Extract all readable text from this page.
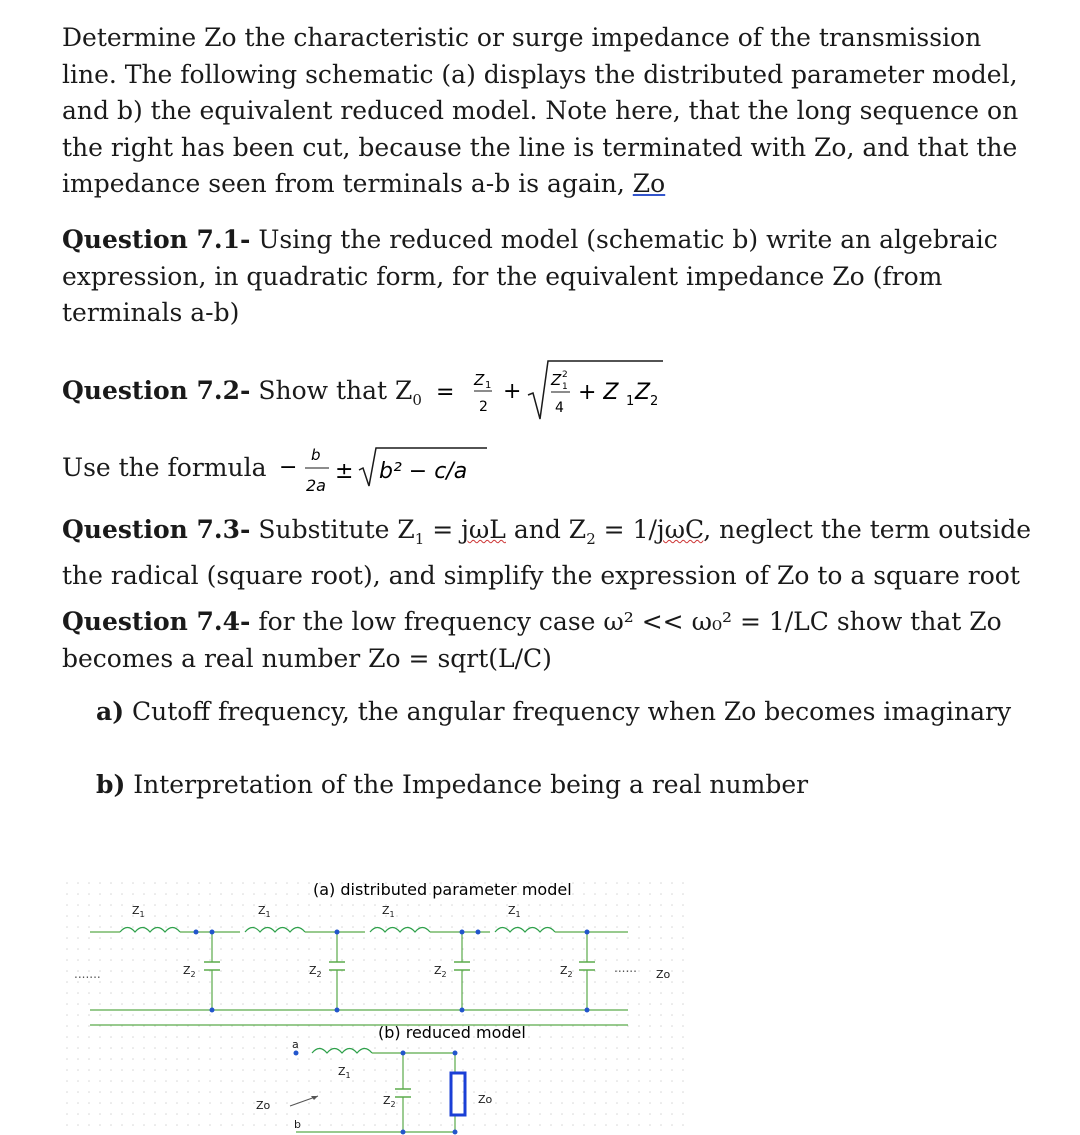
Determine Zo the characteristic or surge impedance of the transmission
line. The following schematic (a) displays the distributed parameter model,
and b) the equivalent reduced model. Note here, that the long sequence on
the right has been cut, because the line is terminated with Zo, and that the
impedance seen from terminals a-b is again, Zo
Question 7.1- Using the reduced model (schematic b) write an algebraic
expression, in quadratic form, for the equivalent impedance Zo (from
terminals a-b)
Question 7.2- Show that $Z_0 = Z$ 1
2
+ Z 2
1
4
+ Z 1 Z 2
Use the formula − b
2a
± b² − c/a
Question 7.3- Substitute $Z_1 = j\omega L$ and $Z_2 = 1/j\omega C$, neglect the term outside
the radical (square root), and simplify the expression of Zo to a square root
Question 7.4- for the low frequency case ω² << ω₀² = 1/LC show that Zo
becomes a real number Zo = sqrt(L/C)
a) Cutoff frequency, the angular frequency when Zo becomes imaginary
b) Interpretation of the Impedance being a real number
(a) distributed parameter model
(b) reduced model
$Z_1$	$Z_1$	$Z_1$	$Z_1$
$Z_2$	$Z_2$	$Z_2$	$Z_2$
.......	...... Zo
a
b
$Z_1$
$Z_2$	Zo
Zo
